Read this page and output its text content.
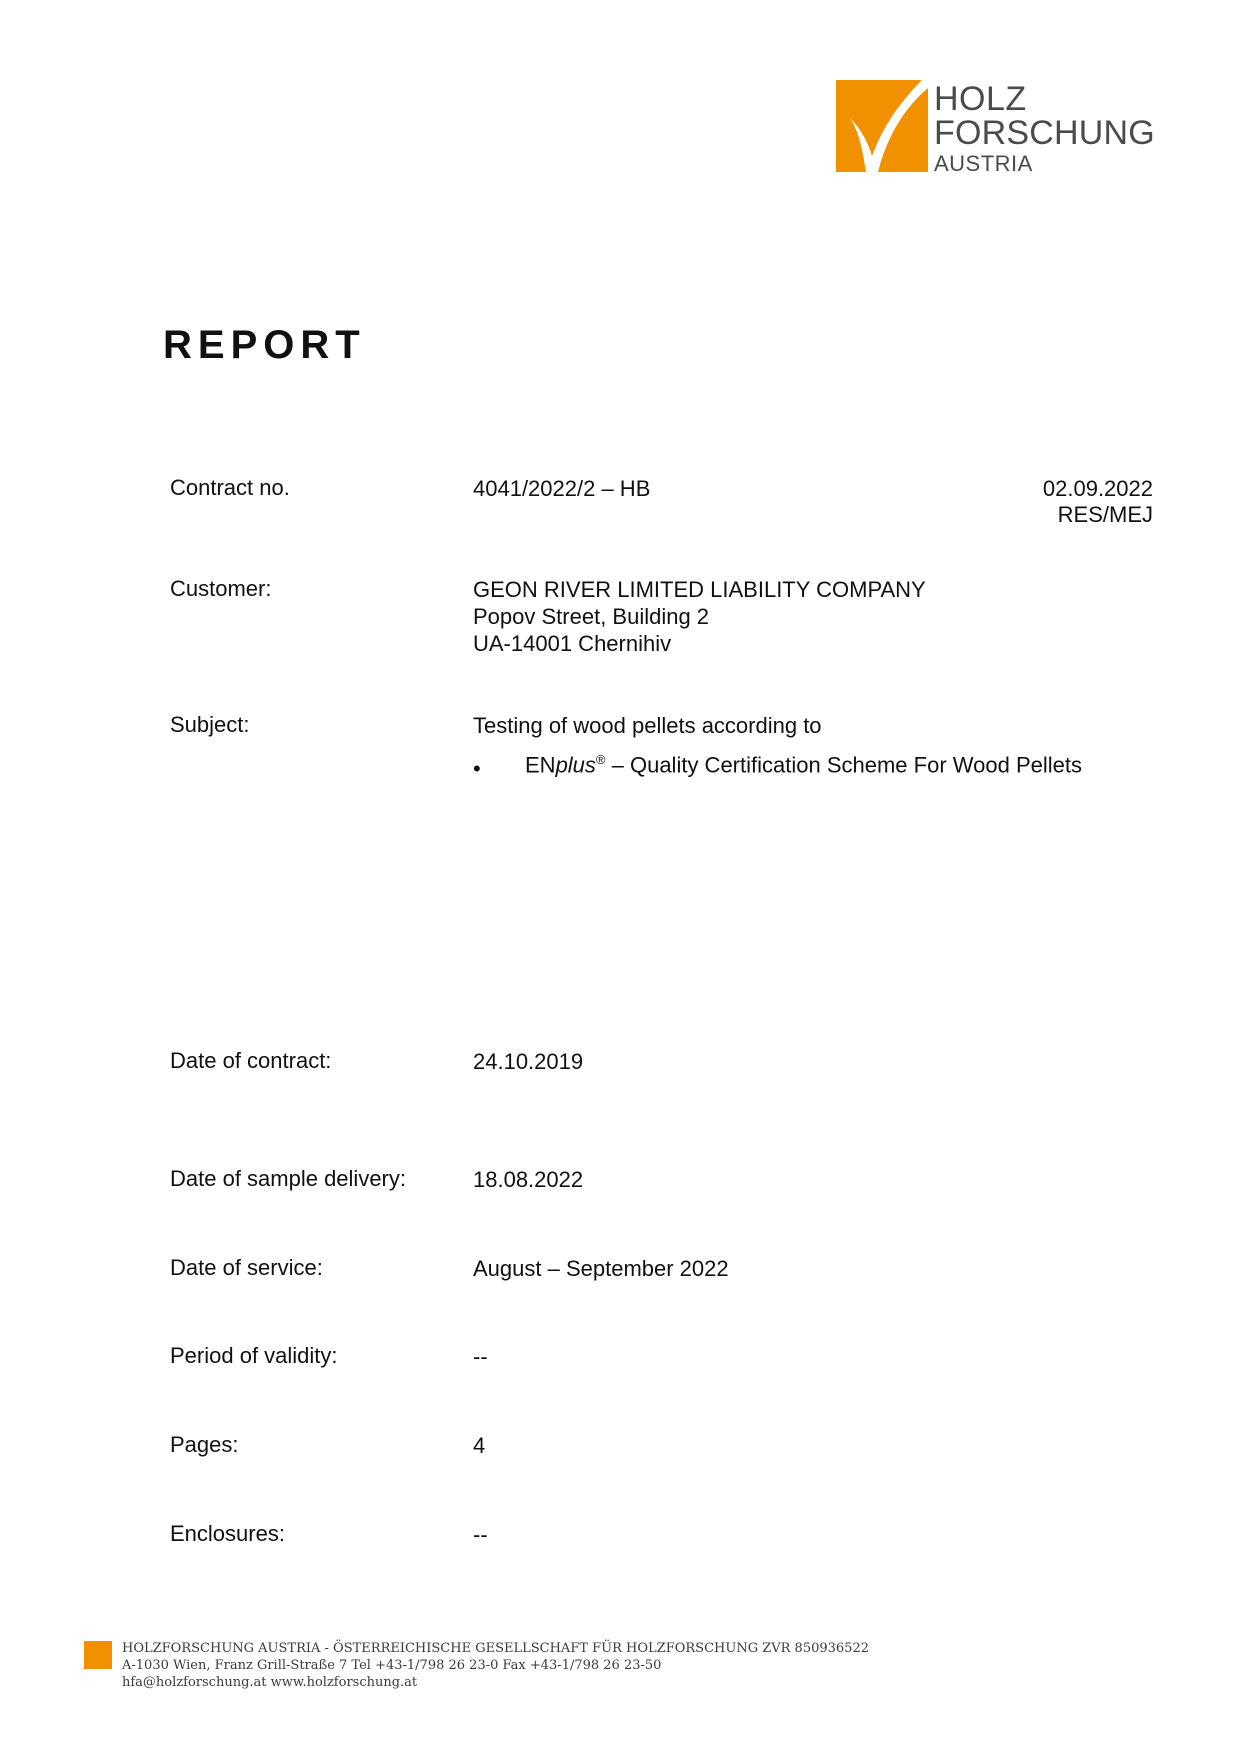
HOLZ
FORSCHUNG
AUSTRIA
REPORT
Contract no.	4041/2022/2 – HB	02.09.2022
RES/MEJ
Customer:	GEON RIVER LIMITED LIABILITY COMPANY
Popov Street, Building 2
UA-14001 Chernihiv
Subject:	Testing of wood pellets according to
• ENplus® – Quality Certification Scheme For Wood Pellets
Date of contract:	24.10.2019
Date of sample delivery:	18.08.2022
Date of service:	August – September 2022
Period of validity:	--
Pages:	4
Enclosures:	--
HOLZFORSCHUNG AUSTRIA - ÖSTERREICHISCHE GESELLSCHAFT FÜR HOLZFORSCHUNG ZVR 850936522
A-1030 Wien, Franz Grill-Straße 7 Tel +43-1/798 26 23-0 Fax +43-1/798 26 23-50
hfa@holzforschung.at www.holzforschung.at
